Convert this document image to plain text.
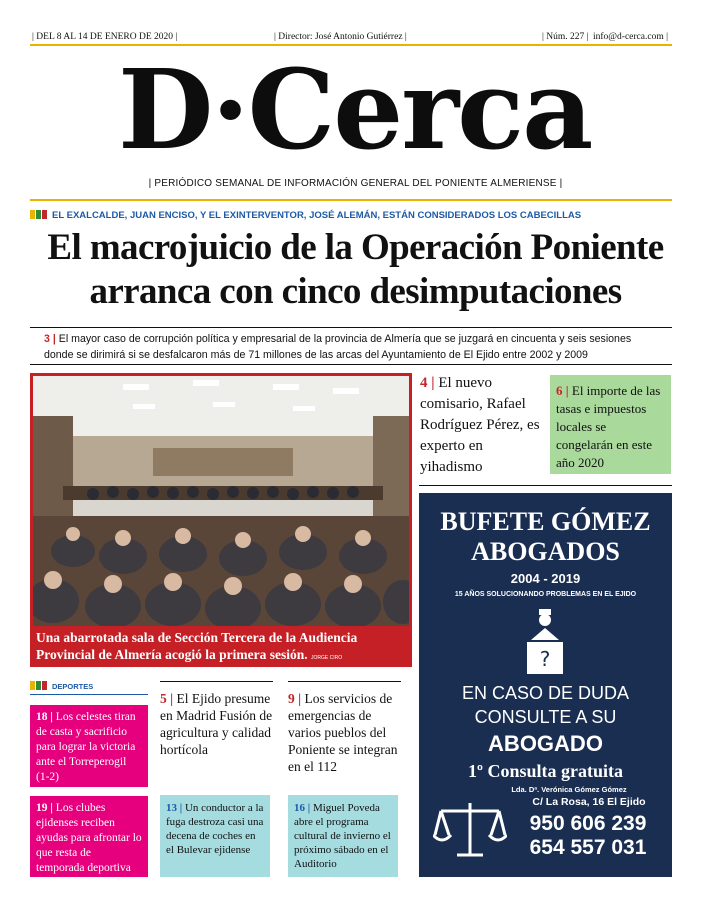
| DEL 8 AL 14 DE ENERO DE 2020 |	| Director: José Antonio Gutiérrez |	| Núm. 227 | info@d-cerca.com |
D·Cerca
| PERIÓDICO SEMANAL DE INFORMACIÓN GENERAL DEL PONIENTE ALMERIENSE |
EL EXALCALDE, JUAN ENCISO, Y EL EXINTERVENTOR, JOSÉ ALEMÁN, ESTÁN CONSIDERADOS LOS CABECILLAS
El macrojuicio de la Operación Poniente
arranca con cinco desimputaciones
3 | El mayor caso de corrupción política y empresarial de la provincia de Almería que se juzgará en cincuenta y seis sesiones
donde se dirimirá si se desfalcaron más de 71 millones de las arcas del Ayuntamiento de El Ejido entre 2002 y 2009
Una abarrotada sala de Sección Tercera de la Audiencia Provincial de Almería acogió la primera sesión. JORGE CIRO
4 | El nuevo comisario, Rafael Rodríguez Pérez, es experto en yihadismo
6 | El importe de las tasas e impuestos locales se congelarán en este año 2020
BUFETE GÓMEZ
ABOGADOS
2004 - 2019
15 AÑOS SOLUCIONANDO PROBLEMAS EN EL EJIDO
?
EN CASO DE DUDA
CONSULTE A SU
ABOGADO
1º Consulta gratuita
Lda. Dª. Verónica Gómez Gómez
C/ La Rosa, 16 El Ejido
950 606 239
654 557 031
DEPORTES
18 | Los celestes tiran de casta y sacrificio para lograr la victoria ante el Torreperogil (1-2)
19 | Los clubes ejidenses reciben ayudas para afrontar lo que resta de temporada deportiva
5 | El Ejido presume en Madrid Fusión de agricultura y calidad hortícola
9 | Los servicios de emergencias de varios pueblos del Poniente se integran en el 112
13 | Un conductor a la fuga destroza casi una decena de coches en el Bulevar ejidense
16 | Miguel Poveda abre el programa cultural de invierno el próximo sábado en el Auditorio
